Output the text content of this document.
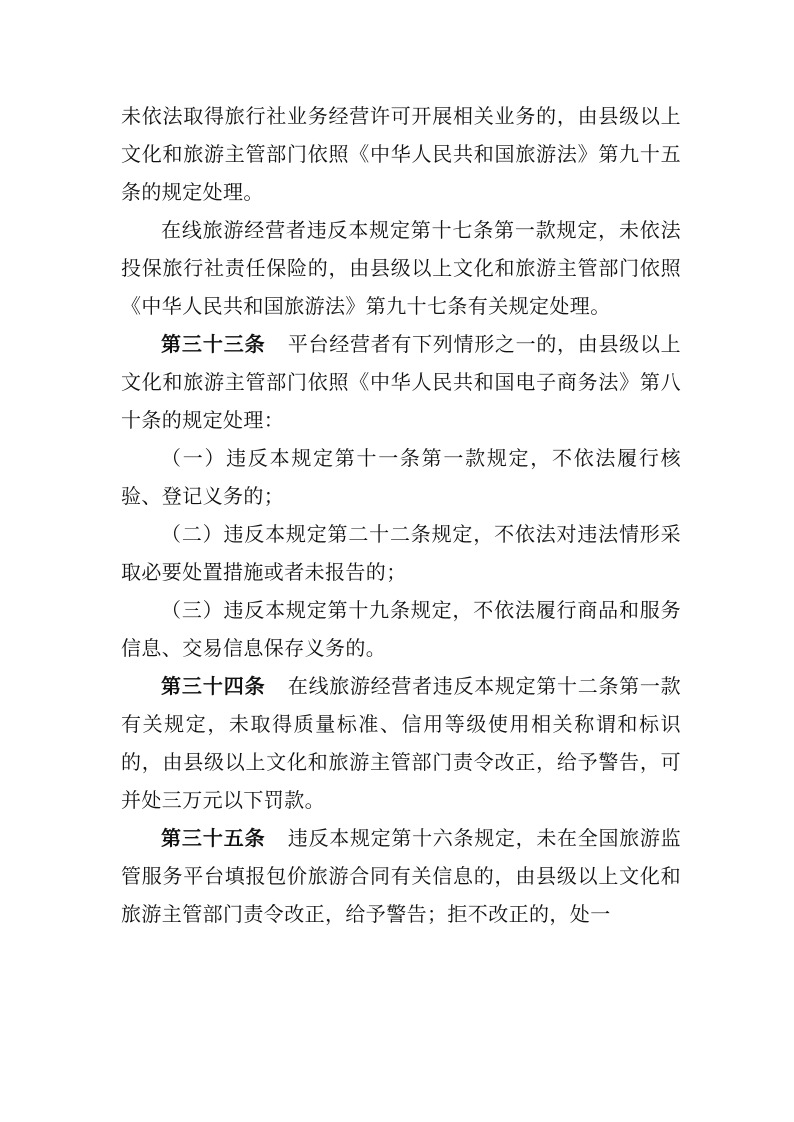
未依法取得旅行社业务经营许可开展相关业务的，由县级以上文化和旅游主管部门依照《中华人民共和国旅游法》第九十五条的规定处理。

在线旅游经营者违反本规定第十七条第一款规定，未依法投保旅行社责任保险的，由县级以上文化和旅游主管部门依照《中华人民共和国旅游法》第九十七条有关规定处理。

第三十三条 平台经营者有下列情形之一的，由县级以上文化和旅游主管部门依照《中华人民共和国电子商务法》第八十条的规定处理：

（一）违反本规定第十一条第一款规定，不依法履行核验、登记义务的；

（二）违反本规定第二十二条规定，不依法对违法情形采取必要处置措施或者未报告的；

（三）违反本规定第十九条规定，不依法履行商品和服务信息、交易信息保存义务的。

第三十四条 在线旅游经营者违反本规定第十二条第一款有关规定，未取得质量标准、信用等级使用相关称谓和标识的，由县级以上文化和旅游主管部门责令改正，给予警告，可并处三万元以下罚款。

第三十五条 违反本规定第十六条规定，未在全国旅游监管服务平台填报包价旅游合同有关信息的，由县级以上文化和旅游主管部门责令改正，给予警告；拒不改正的，处一
